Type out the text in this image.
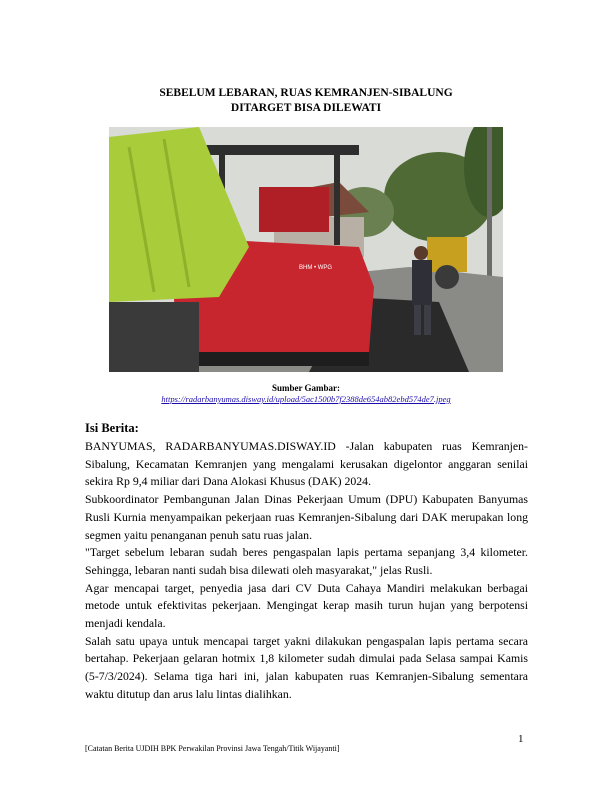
SEBELUM LEBARAN, RUAS KEMRANJEN-SIBALUNG
DITARGET BISA DILEWATI
BHM • WPG
Sumber Gambar:
https://radarbanyumas.disway.id/upload/5ac1500b7f2388de654ab82ebd574de7.jpeg
Isi Berita:

BANYUMAS, RADARBANYUMAS.DISWAY.ID -Jalan kabupaten ruas Kemranjen-Sibalung, Kecamatan Kemranjen yang mengalami kerusakan digelontor anggaran senilai sekira Rp 9,4 miliar dari Dana Alokasi Khusus (DAK) 2024.

Subkoordinator Pembangunan Jalan Dinas Pekerjaan Umum (DPU) Kabupaten Banyumas Rusli Kurnia menyampaikan pekerjaan ruas Kemranjen-Sibalung dari DAK merupakan long segmen yaitu penanganan penuh satu ruas jalan.

"Target sebelum lebaran sudah beres pengaspalan lapis pertama sepanjang 3,4 kilometer. Sehingga, lebaran nanti sudah bisa dilewati oleh masyarakat," jelas Rusli.

Agar mencapai target, penyedia jasa dari CV Duta Cahaya Mandiri melakukan berbagai metode untuk efektivitas pekerjaan. Mengingat kerap masih turun hujan yang berpotensi menjadi kendala.

Salah satu upaya untuk mencapai target yakni dilakukan pengaspalan lapis pertama secara bertahap. Pekerjaan gelaran hotmix 1,8 kilometer sudah dimulai pada Selasa sampai Kamis (5-7/3/2024). Selama tiga hari ini, jalan kabupaten ruas Kemranjen-Sibalung sementara waktu ditutup dan arus lalu lintas dialihkan.

1
[Catatan Berita UJDIH BPK Perwakilan Provinsi Jawa Tengah/Titik Wijayanti]
